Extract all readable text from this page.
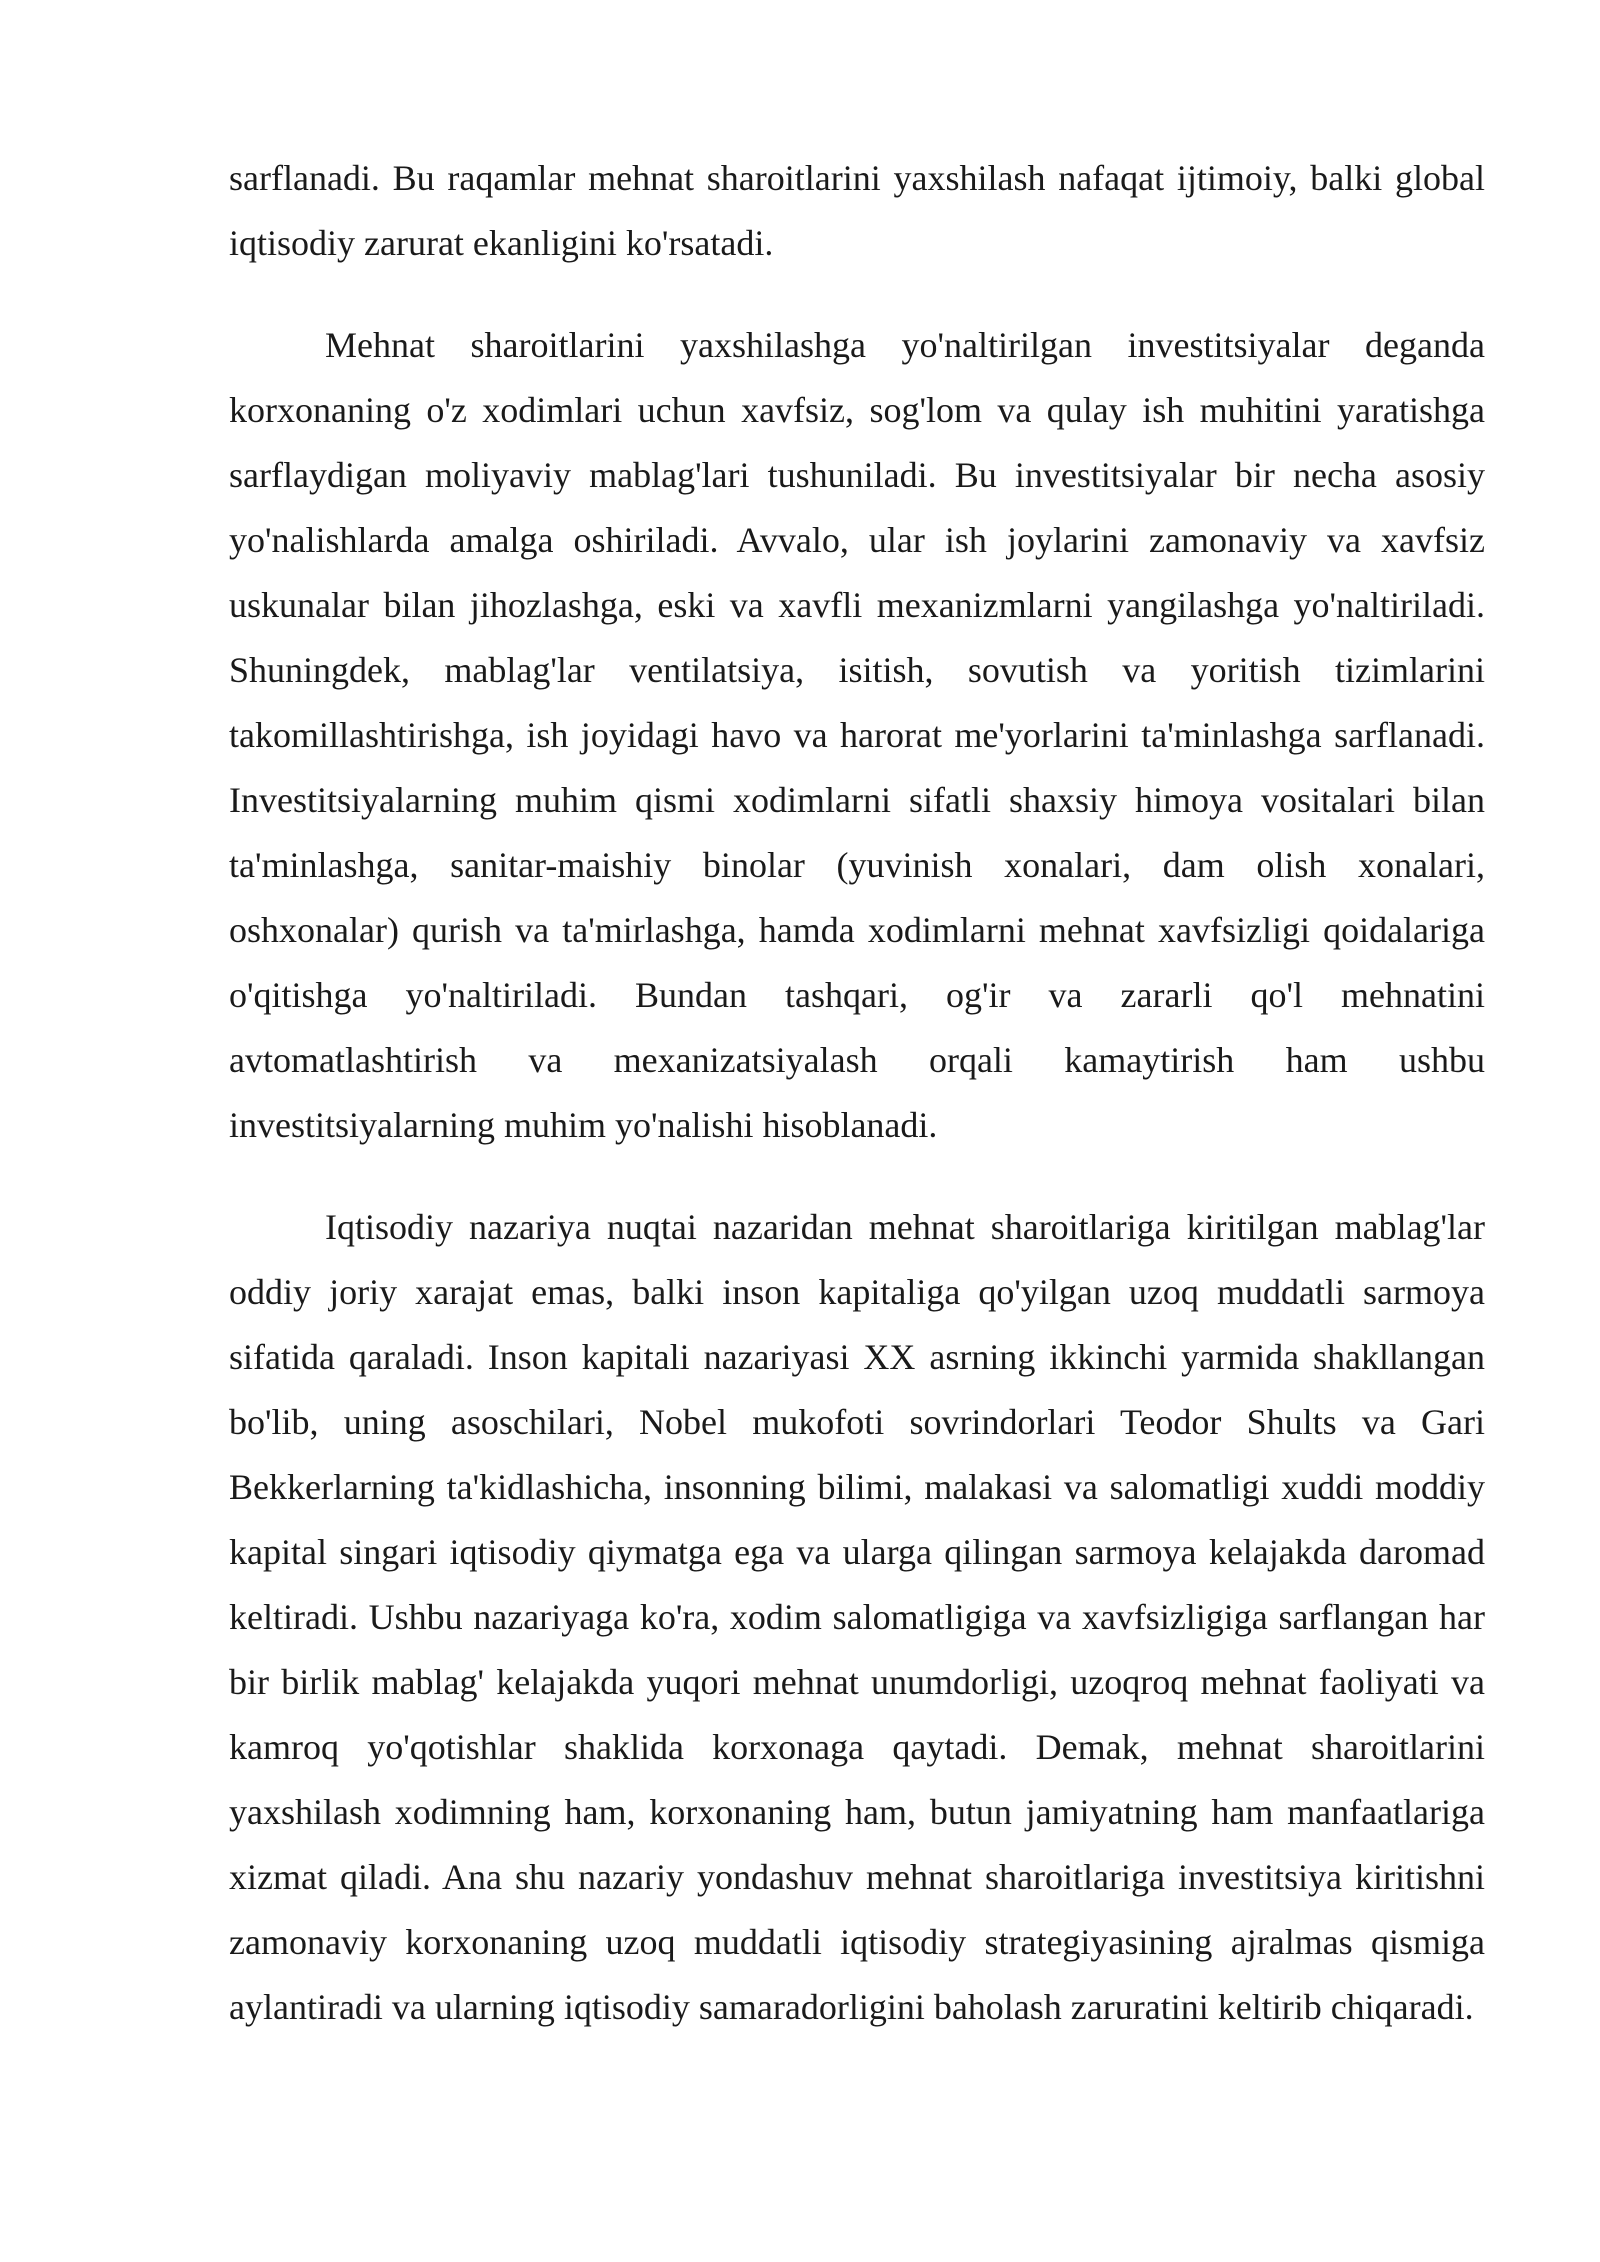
sarflanadi. Bu raqamlar mehnat sharoitlarini yaxshilash nafaqat ijtimoiy, balki global iqtisodiy zarurat ekanligini ko'rsatadi.

Mehnat sharoitlarini yaxshilashga yo'naltirilgan investitsiyalar deganda korxonaning o'z xodimlari uchun xavfsiz, sog'lom va qulay ish muhitini yaratishga sarflaydigan moliyaviy mablag'lari tushuniladi. Bu investitsiyalar bir necha asosiy yo'nalishlarda amalga oshiriladi. Avvalo, ular ish joylarini zamonaviy va xavfsiz uskunalar bilan jihozlashga, eski va xavfli mexanizmlarni yangilashga yo'naltiriladi. Shuningdek, mablag'lar ventilatsiya, isitish, sovutish va yoritish tizimlarini takomillashtirishga, ish joyidagi havo va harorat me'yorlarini ta'minlashga sarflanadi. Investitsiyalarning muhim qismi xodimlarni sifatli shaxsiy himoya vositalari bilan ta'minlashga, sanitar-maishiy binolar (yuvinish xonalari, dam olish xonalari, oshxonalar) qurish va ta'mirlashga, hamda xodimlarni mehnat xavfsizligi qoidalariga o'qitishga yo'naltiriladi. Bundan tashqari, og'ir va zararli qo'l mehnatini avtomatlashtirish va mexanizatsiyalash orqali kamaytirish ham ushbu investitsiyalarning muhim yo'nalishi hisoblanadi.

Iqtisodiy nazariya nuqtai nazaridan mehnat sharoitlariga kiritilgan mablag'lar oddiy joriy xarajat emas, balki inson kapitaliga qo'yilgan uzoq muddatli sarmoya sifatida qaraladi. Inson kapitali nazariyasi XX asrning ikkinchi yarmida shakllangan bo'lib, uning asoschilari, Nobel mukofoti sovrindorlari Teodor Shults va Gari Bekkerlarning ta'kidlashicha, insonning bilimi, malakasi va salomatligi xuddi moddiy kapital singari iqtisodiy qiymatga ega va ularga qilingan sarmoya kelajakda daromad keltiradi. Ushbu nazariyaga ko'ra, xodim salomatligiga va xavfsizligiga sarflangan har bir birlik mablag' kelajakda yuqori mehnat unumdorligi, uzoqroq mehnat faoliyati va kamroq yo'qotishlar shaklida korxonaga qaytadi. Demak, mehnat sharoitlarini yaxshilash xodimning ham, korxonaning ham, butun jamiyatning ham manfaatlariga xizmat qiladi. Ana shu nazariy yondashuv mehnat sharoitlariga investitsiya kiritishni zamonaviy korxonaning uzoq muddatli iqtisodiy strategiyasining ajralmas qismiga aylantiradi va ularning iqtisodiy samaradorligini baholash zaruratini keltirib chiqaradi.
